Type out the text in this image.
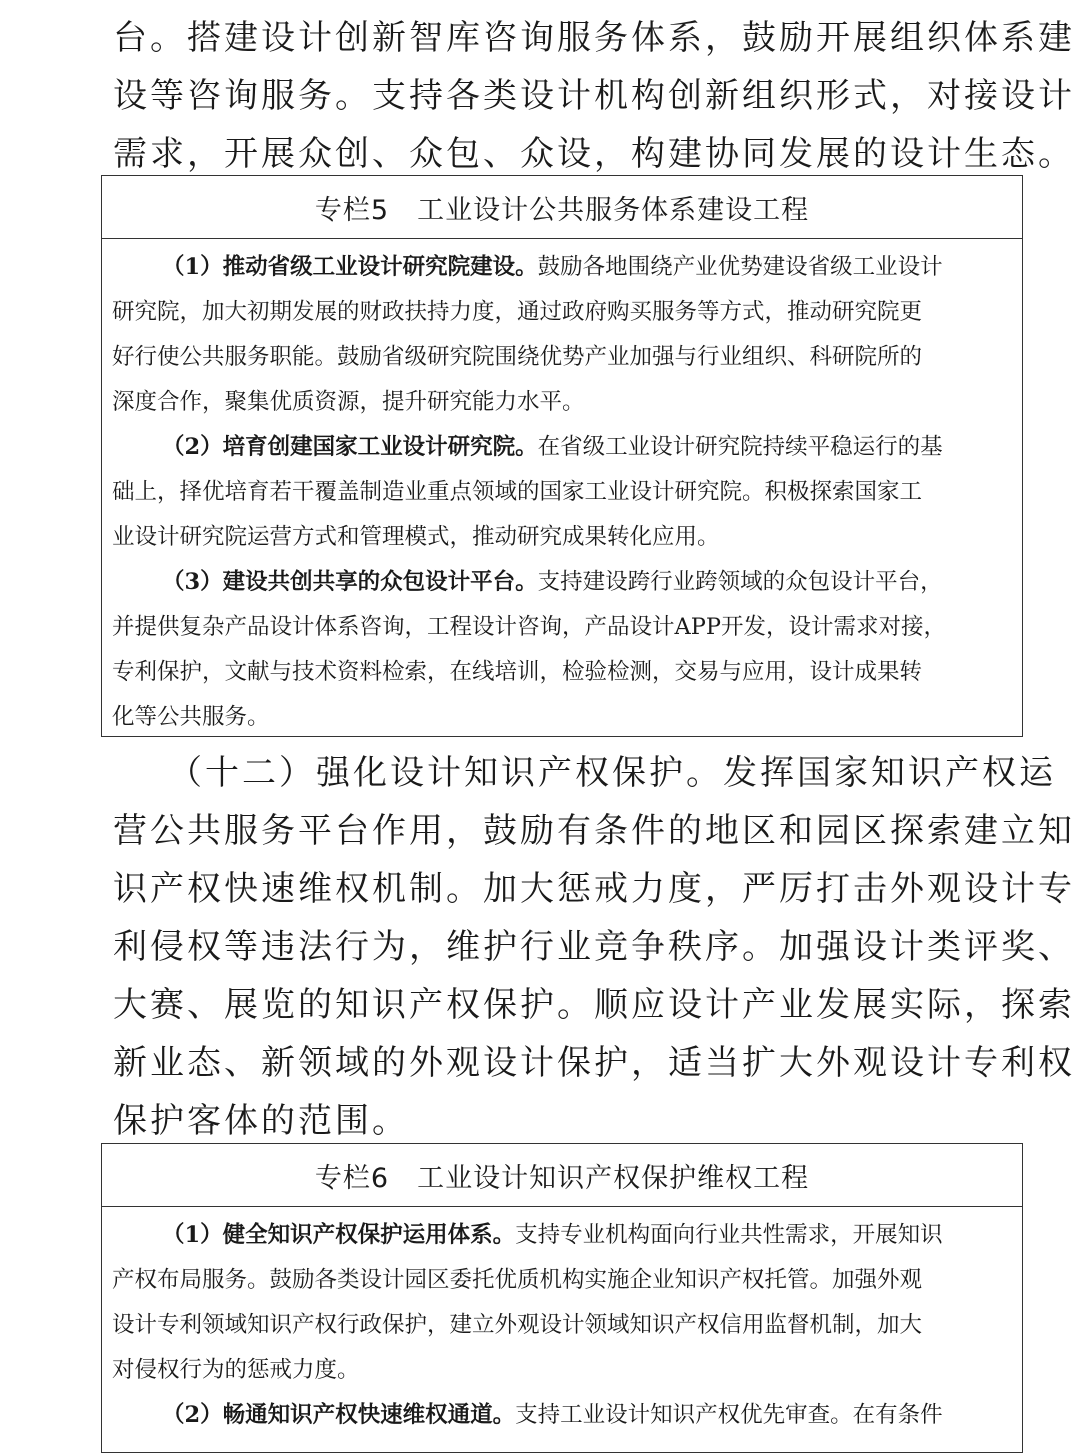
台。搭建设计创新智库咨询服务体系，鼓励开展组织体系建

设等咨询服务。支持各类设计机构创新组织形式，对接设计

需求，开展众创、众包、众设，构建协同发展的设计生态。

专栏5　工业设计公共服务体系建设工程

（1）推动省级工业设计研究院建设。鼓励各地围绕产业优势建设省级工业设计

研究院，加大初期发展的财政扶持力度，通过政府购买服务等方式，推动研究院更

好行使公共服务职能。鼓励省级研究院围绕优势产业加强与行业组织、科研院所的

深度合作，聚集优质资源，提升研究能力水平。

（2）培育创建国家工业设计研究院。在省级工业设计研究院持续平稳运行的基

础上，择优培育若干覆盖制造业重点领域的国家工业设计研究院。积极探索国家工

业设计研究院运营方式和管理模式，推动研究成果转化应用。

（3）建设共创共享的众包设计平台。支持建设跨行业跨领域的众包设计平台，

并提供复杂产品设计体系咨询，工程设计咨询，产品设计APP开发，设计需求对接，

专利保护，文献与技术资料检索，在线培训，检验检测，交易与应用，设计成果转

化等公共服务。

（十二）强化设计知识产权保护。发挥国家知识产权运

营公共服务平台作用，鼓励有条件的地区和园区探索建立知

识产权快速维权机制。加大惩戒力度，严厉打击外观设计专

利侵权等违法行为，维护行业竞争秩序。加强设计类评奖、

大赛、展览的知识产权保护。顺应设计产业发展实际，探索

新业态、新领域的外观设计保护，适当扩大外观设计专利权

保护客体的范围。

专栏6　工业设计知识产权保护维权工程

（1）健全知识产权保护运用体系。支持专业机构面向行业共性需求，开展知识

产权布局服务。鼓励各类设计园区委托优质机构实施企业知识产权托管。加强外观

设计专利领域知识产权行政保护，建立外观设计领域知识产权信用监督机制，加大

对侵权行为的惩戒力度。

（2）畅通知识产权快速维权通道。支持工业设计知识产权优先审查。在有条件
